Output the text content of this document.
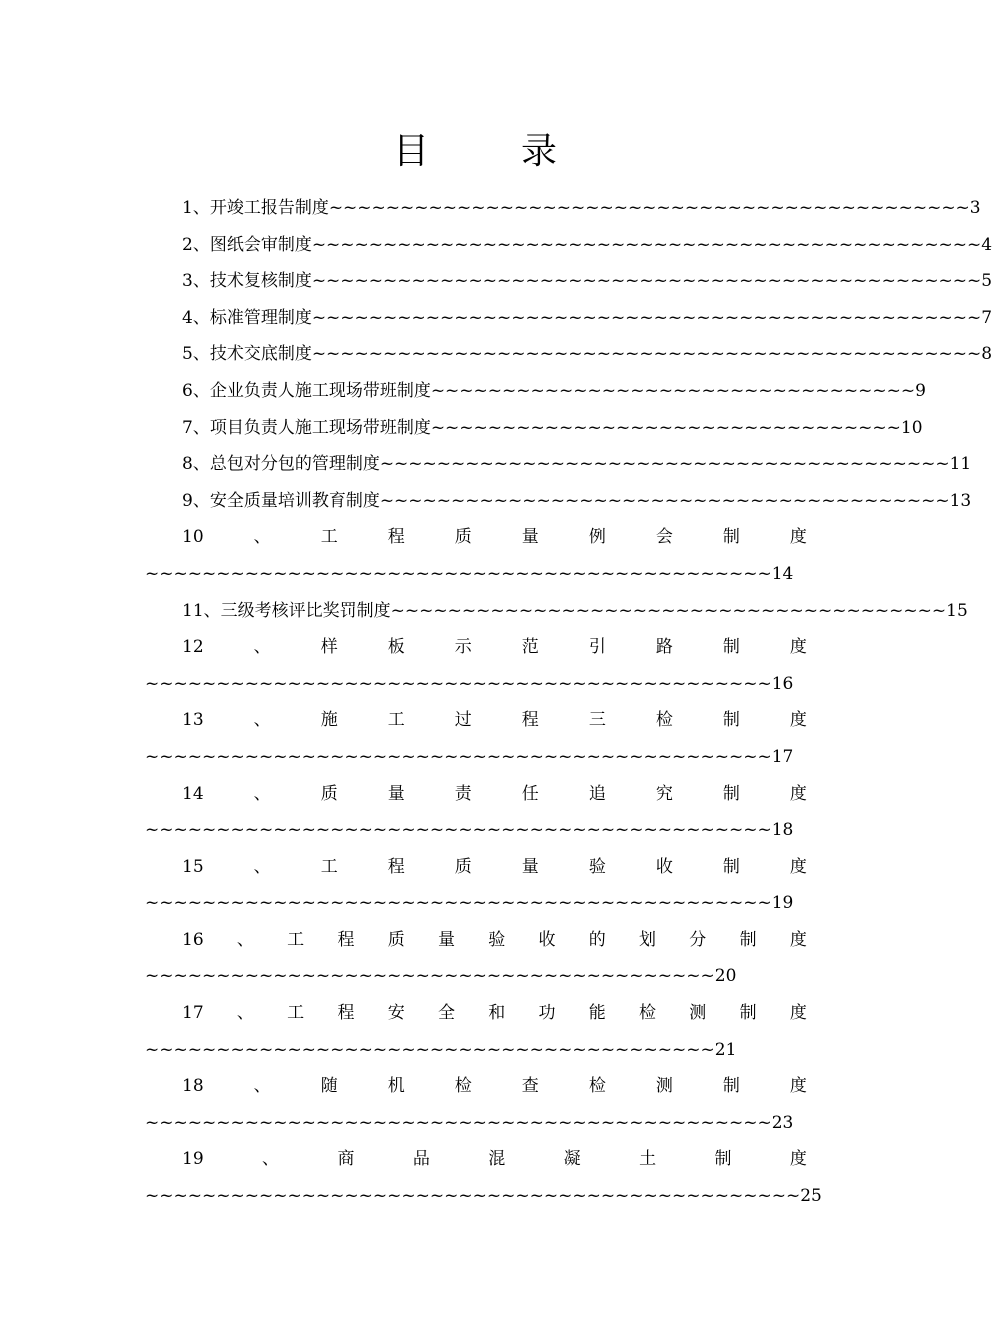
目　录
1、开竣工报告制度~~~~~~~~~~~~~~~~~~~~~~~~~~~~~~~~~~~~~~~~~~~~~3
2、图纸会审制度~~~~~~~~~~~~~~~~~~~~~~~~~~~~~~~~~~~~~~~~~~~~~~~4
3、技术复核制度~~~~~~~~~~~~~~~~~~~~~~~~~~~~~~~~~~~~~~~~~~~~~~~5
4、标准管理制度~~~~~~~~~~~~~~~~~~~~~~~~~~~~~~~~~~~~~~~~~~~~~~~7
5、技术交底制度~~~~~~~~~~~~~~~~~~~~~~~~~~~~~~~~~~~~~~~~~~~~~~~8
6、企业负责人施工现场带班制度~~~~~~~~~~~~~~~~~~~~~~~~~~~~~~~~~~9
7、项目负责人施工现场带班制度~~~~~~~~~~~~~~~~~~~~~~~~~~~~~~~~~10
8、总包对分包的管理制度~~~~~~~~~~~~~~~~~~~~~~~~~~~~~~~~~~~~~~~~11
9、安全质量培训教育制度~~~~~~~~~~~~~~~~~~~~~~~~~~~~~~~~~~~~~~~~13
10	、	工	程	质	量	例	会	制	度
~~~~~~~~~~~~~~~~~~~~~~~~~~~~~~~~~~~~~~~~~~~~14
11、三级考核评比奖罚制度~~~~~~~~~~~~~~~~~~~~~~~~~~~~~~~~~~~~~~~15
12	、	样	板	示	范	引	路	制	度
~~~~~~~~~~~~~~~~~~~~~~~~~~~~~~~~~~~~~~~~~~~~16
13	、	施	工	过	程	三	检	制	度
~~~~~~~~~~~~~~~~~~~~~~~~~~~~~~~~~~~~~~~~~~~~17
14	、	质	量	责	任	追	究	制	度
~~~~~~~~~~~~~~~~~~~~~~~~~~~~~~~~~~~~~~~~~~~~18
15	、	工	程	质	量	验	收	制	度
~~~~~~~~~~~~~~~~~~~~~~~~~~~~~~~~~~~~~~~~~~~~19
16 、 工 程 质 量 验 收 的 划 分 制 度
~~~~~~~~~~~~~~~~~~~~~~~~~~~~~~~~~~~~~~~~20
17 、 工 程 安 全 和 功 能 检 测 制 度
~~~~~~~~~~~~~~~~~~~~~~~~~~~~~~~~~~~~~~~~21
18	、	随	机	检	查	检	测	制	度
~~~~~~~~~~~~~~~~~~~~~~~~~~~~~~~~~~~~~~~~~~~~23
19	、	商	品	混	凝	土	制	度
~~~~~~~~~~~~~~~~~~~~~~~~~~~~~~~~~~~~~~~~~~~~~~25
